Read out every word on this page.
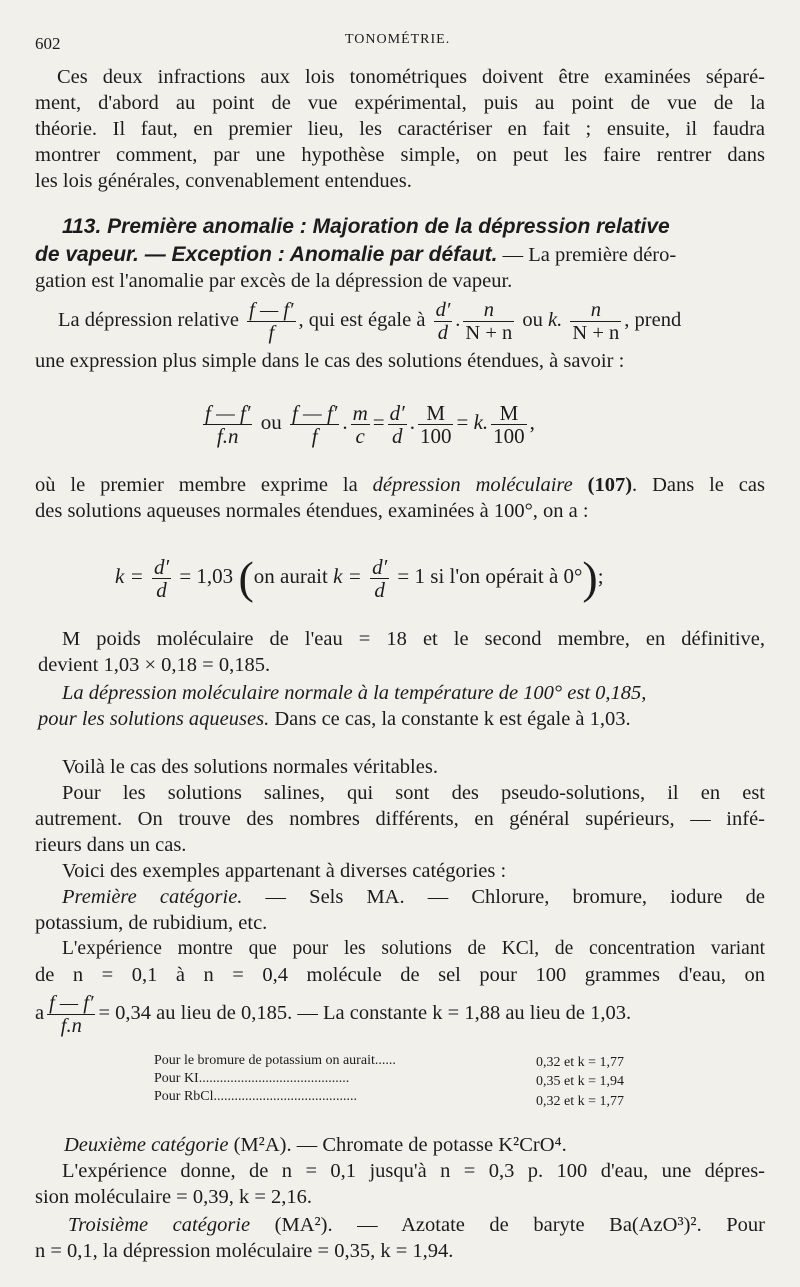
602	TONOMÉTRIE.
Ces deux infractions aux lois tonométriques doivent être examinées séparé-
ment, d'abord au point de vue expérimental, puis au point de vue de la
théorie. Il faut, en premier lieu, les caractériser en fait ; ensuite, il faudra
montrer comment, par une hypothèse simple, on peut les faire rentrer dans
les lois générales, convenablement entendues.
113. Première anomalie : Majoration de la dépression relative
de vapeur. — Exception : Anomalie par défaut. — La première déro-
gation est l'anomalie par excès de la dépression de vapeur.
La dépression relative $\frac{f — f'}{f}$ , qui est égale à $\frac{d'}{d}$ . $\frac{n}{N + n}$ ou k. $\frac{n}{N + n}$ , prend
une expression plus simple dans le cas des solutions étendues, à savoir :
$\frac{f — f'}{f.n}$ ou $\frac{f — f'}{f}$ . $\frac{m}{c} = \frac{d'}{d}$ . $\frac{M}{100} = k$. $\frac{M}{100}$ ,
où le premier membre exprime la dépression moléculaire (107). Dans le cas
des solutions aqueuses normales étendues, examinées à 100°, on a :
$k = \frac{d'}{d} = 1,03$ (on aurait $k = \frac{d'}{d} = 1$ si l'on opérait à 0°);
M poids moléculaire de l'eau = 18 et le second membre, en définitive,
devient 1,03 × 0,18 = 0,185.
La dépression moléculaire normale à la température de 100° est 0,185,
pour les solutions aqueuses. Dans ce cas, la constante k est égale à 1,03.
Voilà le cas des solutions normales véritables.
Pour les solutions salines, qui sont des pseudo-solutions, il en est
autrement. On trouve des nombres différents, en général supérieurs, — infé-
rieurs dans un cas.
Voici des exemples appartenant à diverses catégories :
Première catégorie. — Sels MA. — Chlorure, bromure, iodure de
potassium, de rubidium, etc.
L'expérience montre que pour les solutions de KCl, de concentration variant
de n = 0,1 à n = 0,4 molécule de sel pour 100 grammes d'eau, on
a $\frac{f — f'}{f.n} = 0,34$ au lieu de 0,185. — La constante k = 1,88 au lieu de 1,03.
Pour le bromure de potassium on aurait......	0,32 et k = 1,77
Pour KI...........................................	0,35 et k = 1,94
Pour RbCl.........................................	0,32 et k = 1,77
Deuxième catégorie (M²A). — Chromate de potasse K²CrO⁴.
L'expérience donne, de n = 0,1 jusqu'à n = 0,3 p. 100 d'eau, une dépres-
sion moléculaire = 0,39, k = 2,16.
Troisième catégorie (MA²). — Azotate de baryte Ba(AzO³)². Pour
n = 0,1, la dépression moléculaire = 0,35, k = 1,94.
